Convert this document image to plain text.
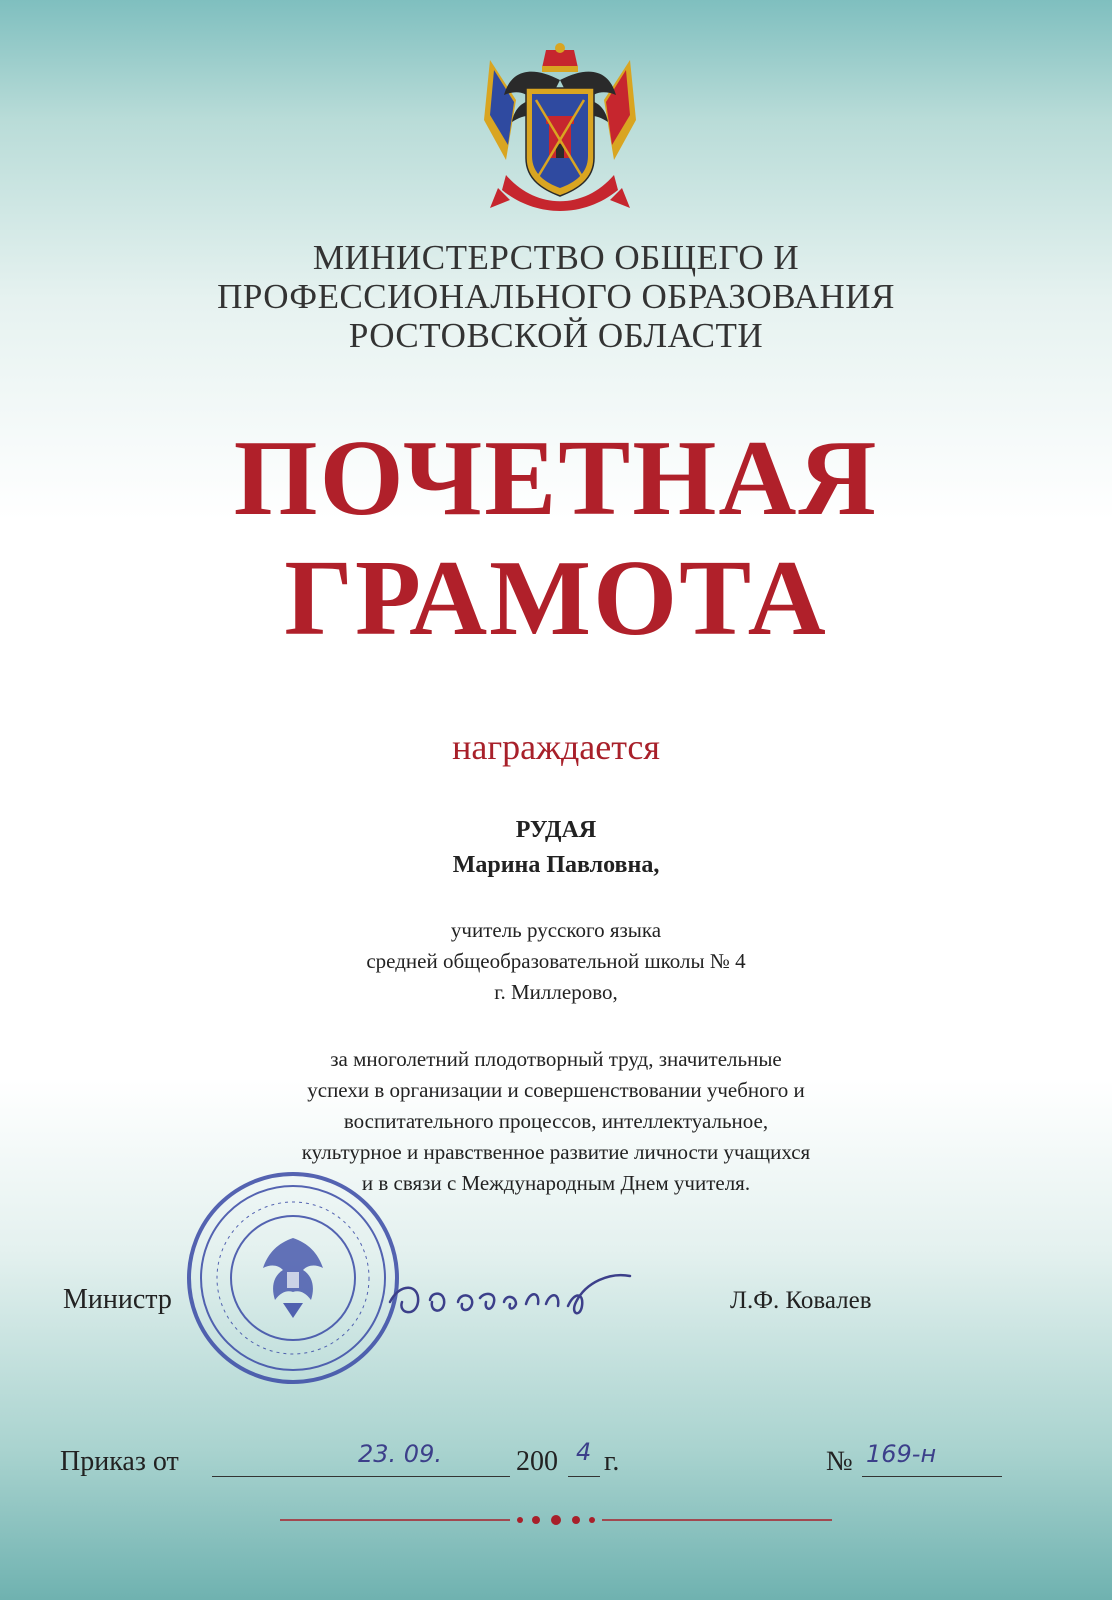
МИНИСТЕРСТВО ОБЩЕГО И
ПРОФЕССИОНАЛЬНОГО ОБРАЗОВАНИЯ
РОСТОВСКОЙ ОБЛАСТИ
ПОЧЕТНАЯ
ГРАМОТА
награждается
РУДАЯ
Марина Павловна,
учитель русского языка
средней общеобразовательной школы № 4
г. Миллерово,
за многолетний плодотворный труд, значительные
успехи в организации и совершенствовании учебного и
воспитательного процессов, интеллектуальное,
культурное и нравственное развитие личности учащихся
и в связи с Международным Днем учителя.
Министр	Л.Ф. Ковалев
Приказ от	23. 09.	200 4 г.	№ 169-н
